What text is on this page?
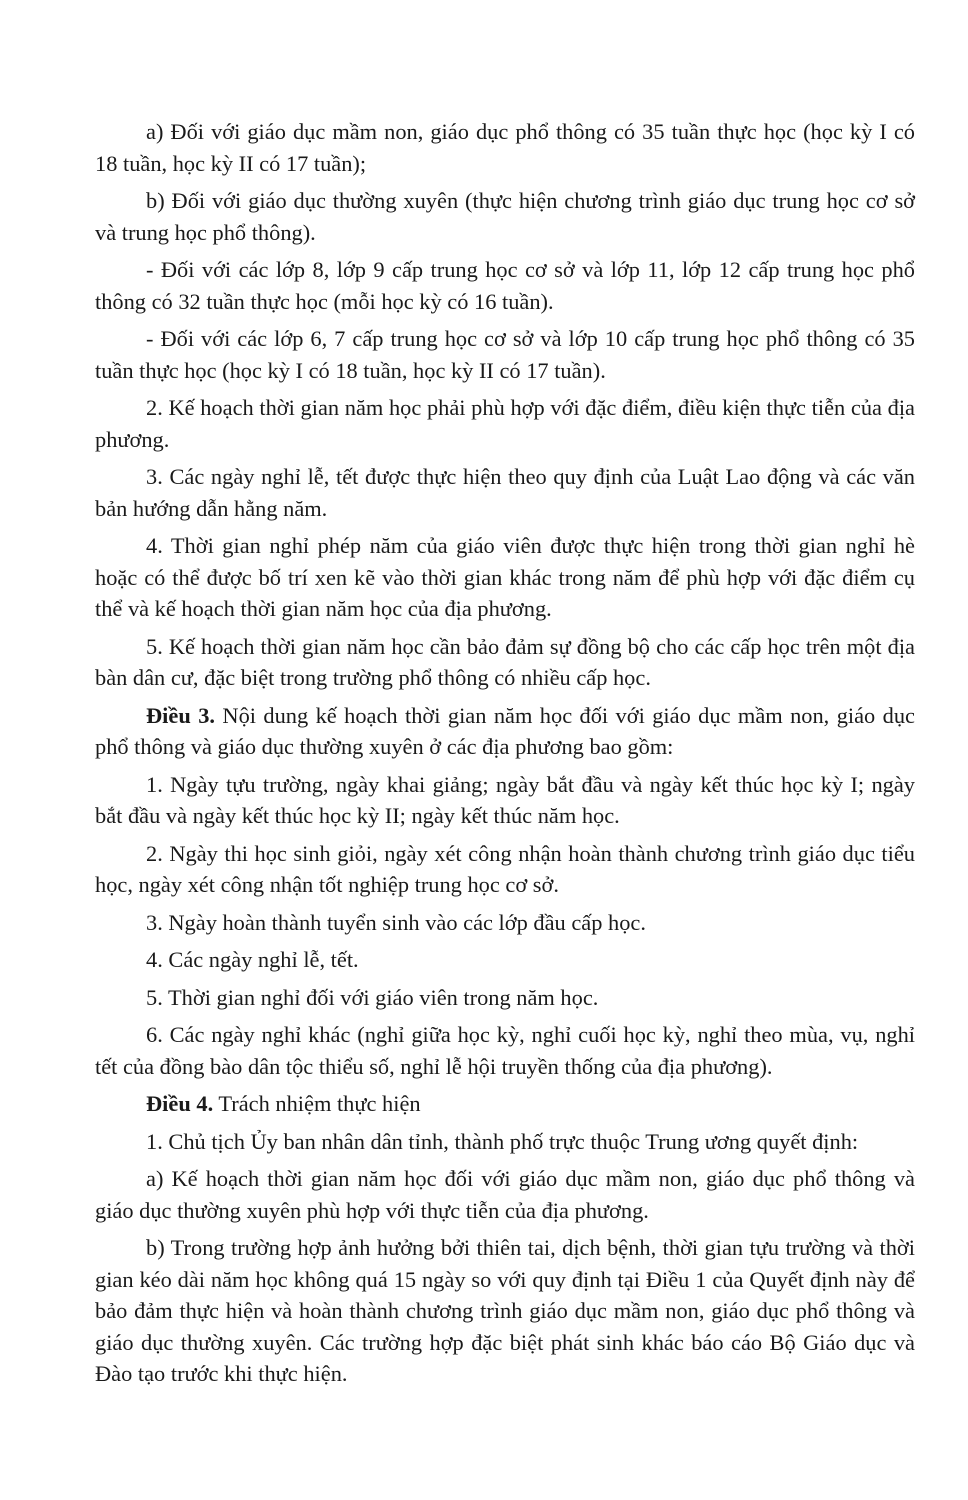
a) Đối với giáo dục mầm non, giáo dục phổ thông có 35 tuần thực học (học kỳ I có 18 tuần, học kỳ II có 17 tuần);

b) Đối với giáo dục thường xuyên (thực hiện chương trình giáo dục trung học cơ sở và trung học phổ thông).

- Đối với các lớp 8, lớp 9 cấp trung học cơ sở và lớp 11, lớp 12 cấp trung học phổ thông có 32 tuần thực học (mỗi học kỳ có 16 tuần).

- Đối với các lớp 6, 7 cấp trung học cơ sở và lớp 10 cấp trung học phổ thông có 35 tuần thực học (học kỳ I có 18 tuần, học kỳ II có 17 tuần).

2. Kế hoạch thời gian năm học phải phù hợp với đặc điểm, điều kiện thực tiễn của địa phương.

3. Các ngày nghỉ lễ, tết được thực hiện theo quy định của Luật Lao động và các văn bản hướng dẫn hằng năm.

4. Thời gian nghỉ phép năm của giáo viên được thực hiện trong thời gian nghỉ hè hoặc có thể được bố trí xen kẽ vào thời gian khác trong năm để phù hợp với đặc điểm cụ thể và kế hoạch thời gian năm học của địa phương.

5. Kế hoạch thời gian năm học cần bảo đảm sự đồng bộ cho các cấp học trên một địa bàn dân cư, đặc biệt trong trường phổ thông có nhiều cấp học.

Điều 3. Nội dung kế hoạch thời gian năm học đối với giáo dục mầm non, giáo dục phổ thông và giáo dục thường xuyên ở các địa phương bao gồm:

1. Ngày tựu trường, ngày khai giảng; ngày bắt đầu và ngày kết thúc học kỳ I; ngày bắt đầu và ngày kết thúc học kỳ II; ngày kết thúc năm học.

2. Ngày thi học sinh giỏi, ngày xét công nhận hoàn thành chương trình giáo dục tiểu học, ngày xét công nhận tốt nghiệp trung học cơ sở.

3. Ngày hoàn thành tuyển sinh vào các lớp đầu cấp học.

4. Các ngày nghỉ lễ, tết.

5. Thời gian nghỉ đối với giáo viên trong năm học.

6. Các ngày nghỉ khác (nghỉ giữa học kỳ, nghỉ cuối học kỳ, nghỉ theo mùa, vụ, nghỉ tết của đồng bào dân tộc thiểu số, nghỉ lễ hội truyền thống của địa phương).

Điều 4. Trách nhiệm thực hiện

1. Chủ tịch Ủy ban nhân dân tỉnh, thành phố trực thuộc Trung ương quyết định:

a) Kế hoạch thời gian năm học đối với giáo dục mầm non, giáo dục phổ thông và giáo dục thường xuyên phù hợp với thực tiễn của địa phương.

b) Trong trường hợp ảnh hưởng bởi thiên tai, dịch bệnh, thời gian tựu trường và thời gian kéo dài năm học không quá 15 ngày so với quy định tại Điều 1 của Quyết định này để bảo đảm thực hiện và hoàn thành chương trình giáo dục mầm non, giáo dục phổ thông và giáo dục thường xuyên. Các trường hợp đặc biệt phát sinh khác báo cáo Bộ Giáo dục và Đào tạo trước khi thực hiện.
